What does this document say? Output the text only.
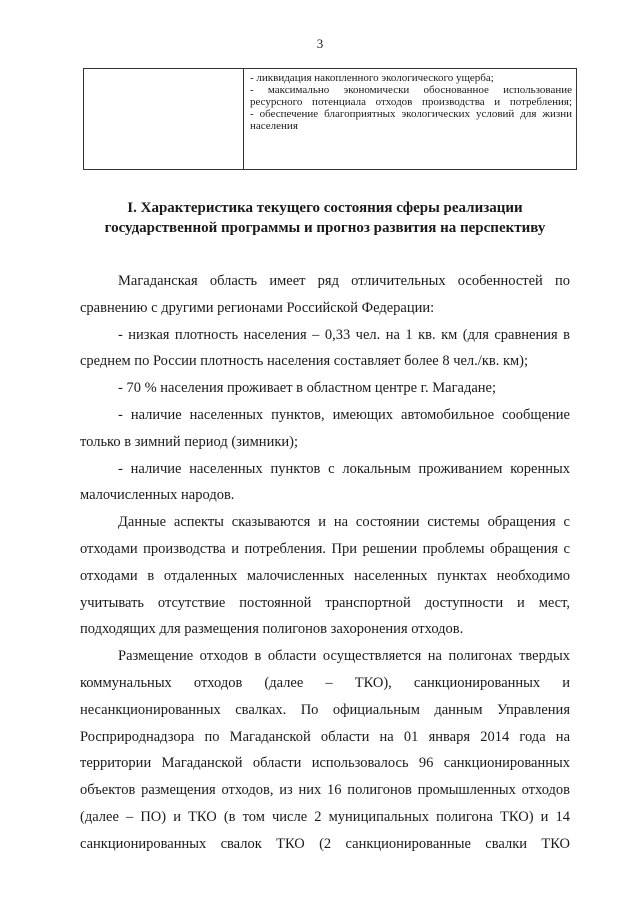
3

- ликвидация накопленного экологического ущерба;

- максимально экономически обоснованное использование ресурсного потенциала отходов производства и потребления;

- обеспечение благоприятных экологических условий для жизни населения

I. Характеристика текущего состояния сферы реализации
государственной программы и прогноз развития на перспективу

Магаданская область имеет ряд отличительных особенностей по сравнению с другими регионами Российской Федерации:

- низкая плотность населения – 0,33 чел. на 1 кв. км (для сравнения в среднем по России плотность населения составляет более 8 чел./кв. км);

- 70 % населения проживает в областном центре г. Магадане;

- наличие населенных пунктов, имеющих автомобильное сообщение только в зимний период (зимники);

- наличие населенных пунктов с локальным проживанием коренных малочисленных народов.

Данные аспекты сказываются и на состоянии системы обращения с отходами производства и потребления. При решении проблемы обращения с отходами в отдаленных малочисленных населенных пунктах необходимо учитывать отсутствие постоянной транспортной доступности и мест, подходящих для размещения полигонов захоронения отходов.

Размещение отходов в области осуществляется на полигонах твердых коммунальных отходов (далее – ТКО), санкционированных и несанкционированных свалках. По официальным данным Управления Росприроднадзора по Магаданской области на 01 января 2014 года на территории Магаданской области использовалось 96 санкционированных объектов размещения отходов, из них 16 полигонов промышленных отходов (далее – ПО) и ТКО (в том числе 2 муниципальных полигона ТКО) и 14 санкционированных свалок ТКО (2 санкционированные свалки ТКО
